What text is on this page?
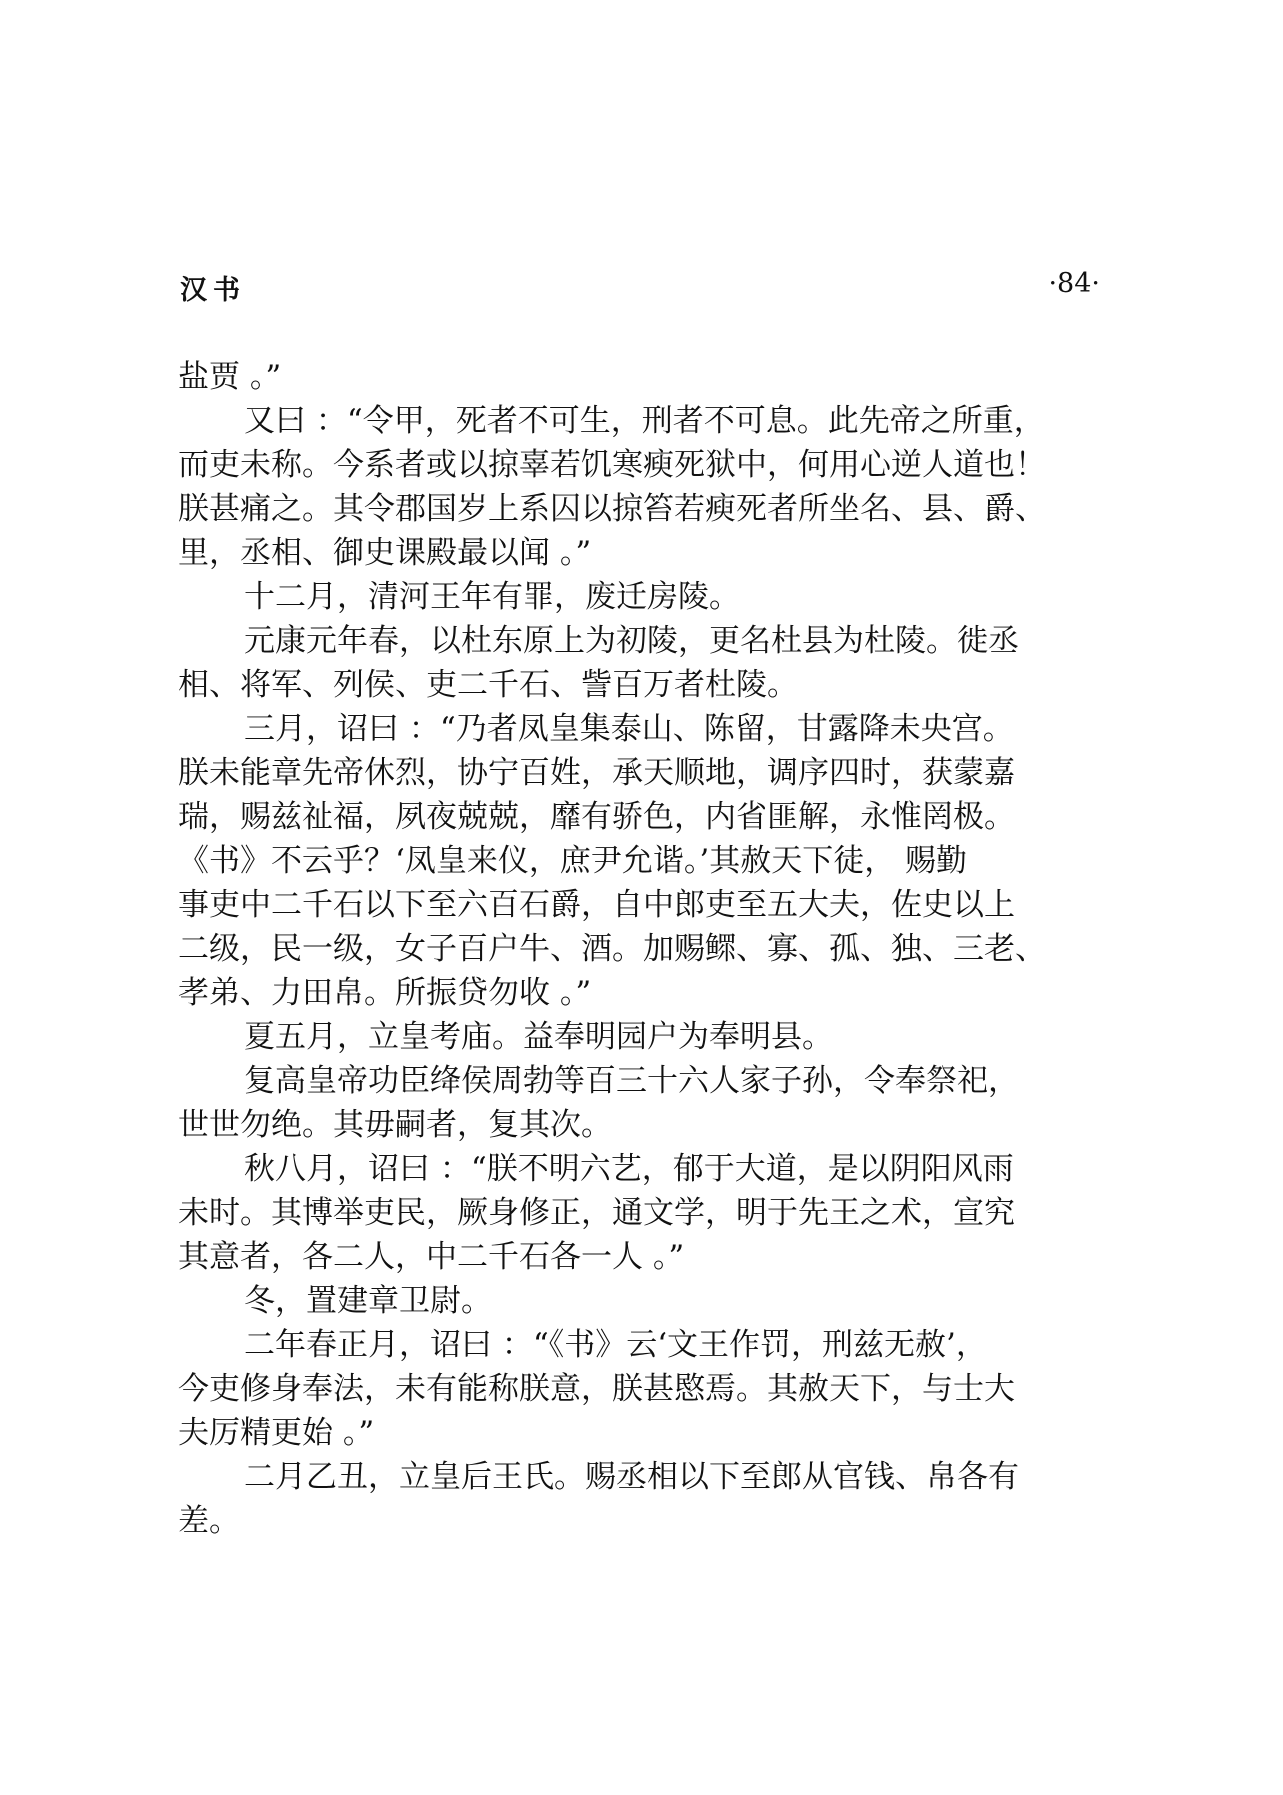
汉书	·84·
盐贾 。”
又曰 ：“令甲，死者不可生，刑者不可息。此先帝之所重，
而吏未称。今系者或以掠辜若饥寒瘐死狱中，何用心逆人道也！
朕甚痛之。其令郡国岁上系囚以掠笞若瘐死者所坐名、县、爵、
里，丞相、御史课殿最以闻 。”
十二月，清河王年有罪，废迁房陵。
元康元年春，以杜东原上为初陵，更名杜县为杜陵。徙丞
相、将军、列侯、吏二千石、訾百万者杜陵。
三月，诏曰 ：“乃者凤皇集泰山、陈留，甘露降未央宫。
朕未能章先帝休烈，协宁百姓，承天顺地，调序四时，获蒙嘉
瑞，赐兹祉福，夙夜兢兢，靡有骄色，内省匪解，永惟罔极。
《书》不云乎？‘凤皇来仪，庶尹允谐。’其赦天下徒， 赐勤
事吏中二千石以下至六百石爵，自中郎吏至五大夫，佐史以上
二级，民一级，女子百户牛、酒。加赐鳏、寡、孤、独、三老、
孝弟、力田帛。所振贷勿收 。”
夏五月，立皇考庙。益奉明园户为奉明县。
复高皇帝功臣绛侯周勃等百三十六人家子孙，令奉祭祀，
世世勿绝。其毋嗣者，复其次。
秋八月，诏曰 ：“朕不明六艺，郁于大道，是以阴阳风雨
未时。其博举吏民，厥身修正，通文学，明于先王之术，宣究
其意者，各二人，中二千石各一人 。”
冬，置建章卫尉。
二年春正月，诏曰 ：“《书》云‘文王作罚，刑兹无赦’，
今吏修身奉法，未有能称朕意，朕甚愍焉。其赦天下，与士大
夫厉精更始 。”
二月乙丑，立皇后王氏。赐丞相以下至郎从官钱、帛各有
差。
